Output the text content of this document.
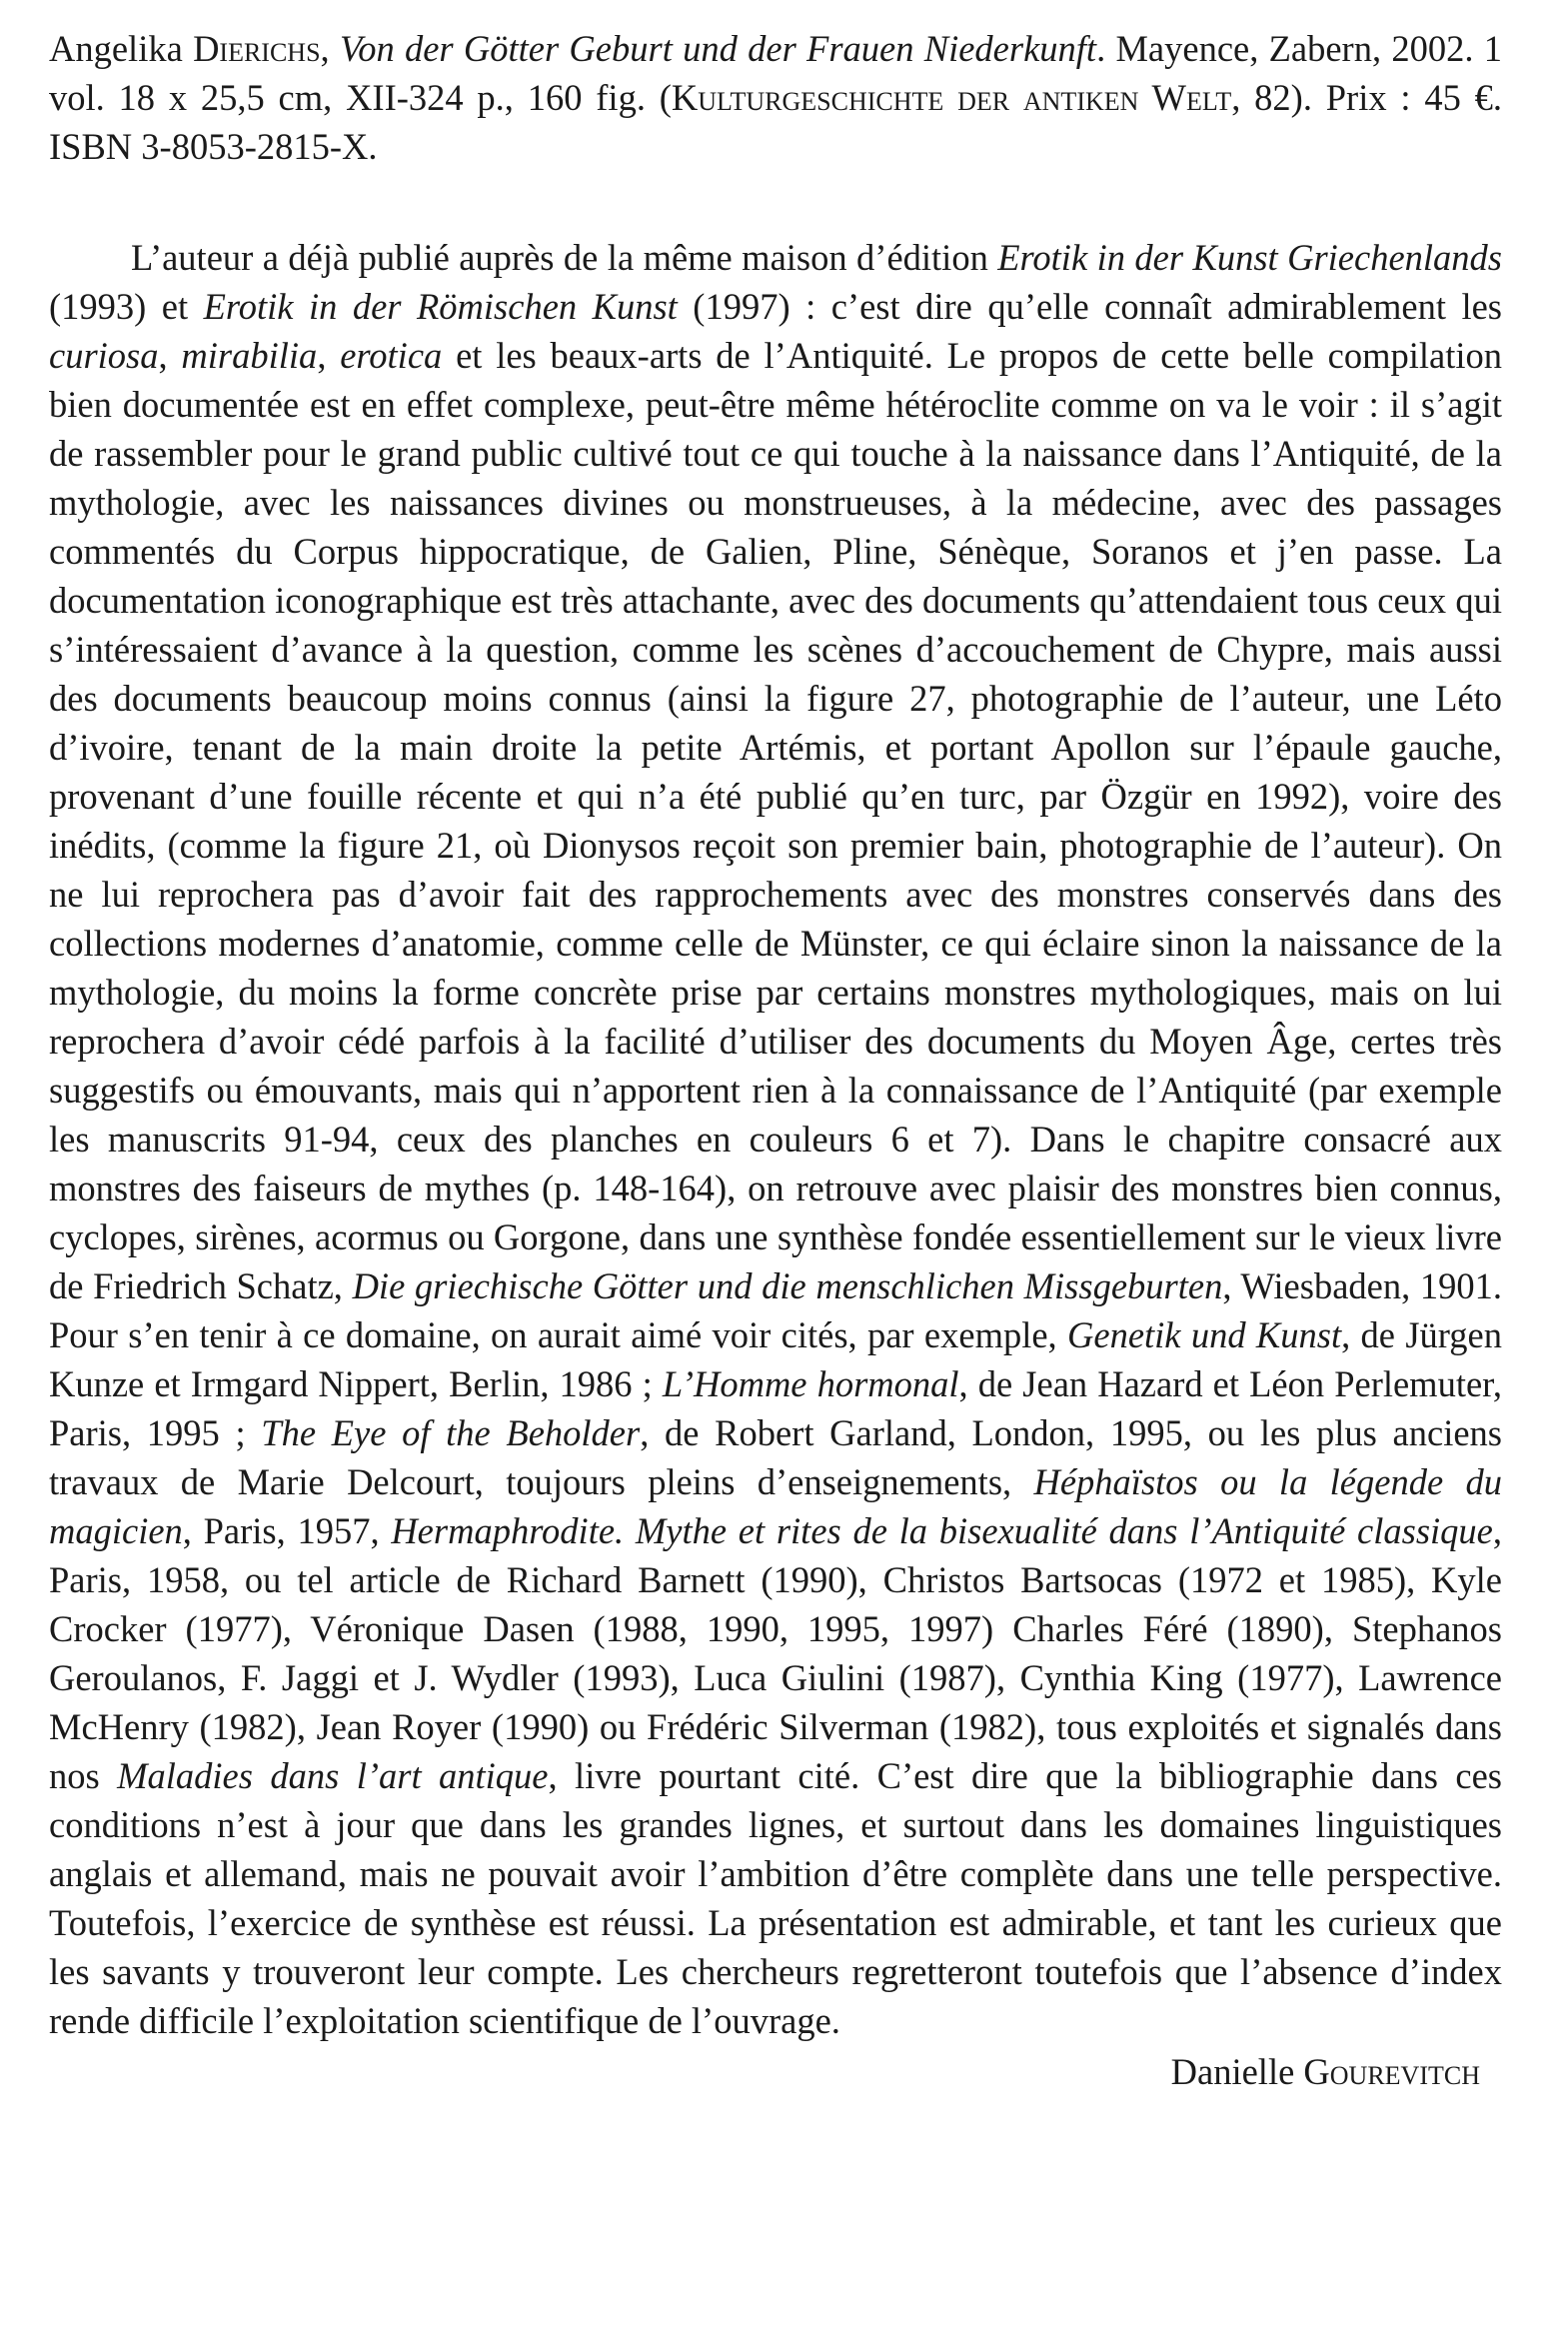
Angelika Dierichs, Von der Götter Geburt und der Frauen Niederkunft. Mayence, Zabern, 2002. 1 vol. 18 x 25,5 cm, XII-324 p., 160 fig. (Kulturgeschichte der antiken Welt, 82). Prix : 45 €. ISBN 3-8053-2815-X.

L’auteur a déjà publié auprès de la même maison d’édition Erotik in der Kunst Griechenlands (1993) et Erotik in der Römischen Kunst (1997) : c’est dire qu’elle connaît admirablement les curiosa, mirabilia, erotica et les beaux-arts de l’Antiquité. Le propos de cette belle compilation bien documentée est en effet complexe, peut-être même hétéroclite comme on va le voir : il s’agit de rassembler pour le grand public cultivé tout ce qui touche à la naissance dans l’Antiquité, de la mythologie, avec les naissances divines ou monstrueuses, à la médecine, avec des passages commentés du Corpus hippocratique, de Galien, Pline, Sénèque, Soranos et j’en passe. La documentation iconographique est très attachante, avec des documents qu’attendaient tous ceux qui s’intéressaient d’avance à la question, comme les scènes d’accouchement de Chypre, mais aussi des documents beaucoup moins connus (ainsi la figure 27, photographie de l’auteur, une Léto d’ivoire, tenant de la main droite la petite Artémis, et portant Apollon sur l’épaule gauche, provenant d’une fouille récente et qui n’a été publié qu’en turc, par Özgür en 1992), voire des inédits, (comme la figure 21, où Dionysos reçoit son premier bain, photographie de l’auteur). On ne lui reprochera pas d’avoir fait des rapprochements avec des monstres conservés dans des collections modernes d’anatomie, comme celle de Münster, ce qui éclaire sinon la naissance de la mythologie, du moins la forme concrète prise par certains monstres mythologiques, mais on lui reprochera d’avoir cédé parfois à la facilité d’utiliser des documents du Moyen Âge, certes très suggestifs ou émouvants, mais qui n’apportent rien à la connaissance de l’Antiquité (par exemple les manuscrits 91-94, ceux des planches en couleurs 6 et 7). Dans le chapitre consacré aux monstres des faiseurs de mythes (p. 148-164), on retrouve avec plaisir des monstres bien connus, cyclopes, sirènes, acormus ou Gorgone, dans une synthèse fondée essentiellement sur le vieux livre de Friedrich Schatz, Die griechische Götter und die menschlichen Missgeburten, Wiesbaden, 1901. Pour s’en tenir à ce domaine, on aurait aimé voir cités, par exemple, Genetik und Kunst, de Jürgen Kunze et Irmgard Nippert, Berlin, 1986 ; L’Homme hormonal, de Jean Hazard et Léon Perlemuter, Paris, 1995 ; The Eye of the Beholder, de Robert Garland, London, 1995, ou les plus anciens travaux de Marie Delcourt, toujours pleins d’enseignements, Héphaïstos ou la légende du magicien, Paris, 1957, Hermaphrodite. Mythe et rites de la bisexualité dans l’Antiquité classique, Paris, 1958, ou tel article de Richard Barnett (1990), Christos Bartsocas (1972 et 1985), Kyle Crocker (1977), Véronique Dasen (1988, 1990, 1995, 1997) Charles Féré (1890), Stephanos Geroulanos, F. Jaggi et J. Wydler (1993), Luca Giulini (1987), Cynthia King (1977), Lawrence McHenry (1982), Jean Royer (1990) ou Frédéric Silverman (1982), tous exploités et signalés dans nos Maladies dans l’art antique, livre pourtant cité. C’est dire que la bibliographie dans ces conditions n’est à jour que dans les grandes lignes, et surtout dans les domaines linguistiques anglais et allemand, mais ne pouvait avoir l’ambition d’être complète dans une telle perspective. Toutefois, l’exercice de synthèse est réussi. La présentation est admirable, et tant les curieux que les savants y trouveront leur compte. Les chercheurs regretteront toutefois que l’absence d’index rende difficile l’exploitation scientifique de l’ouvrage.

Danielle Gourevitch
